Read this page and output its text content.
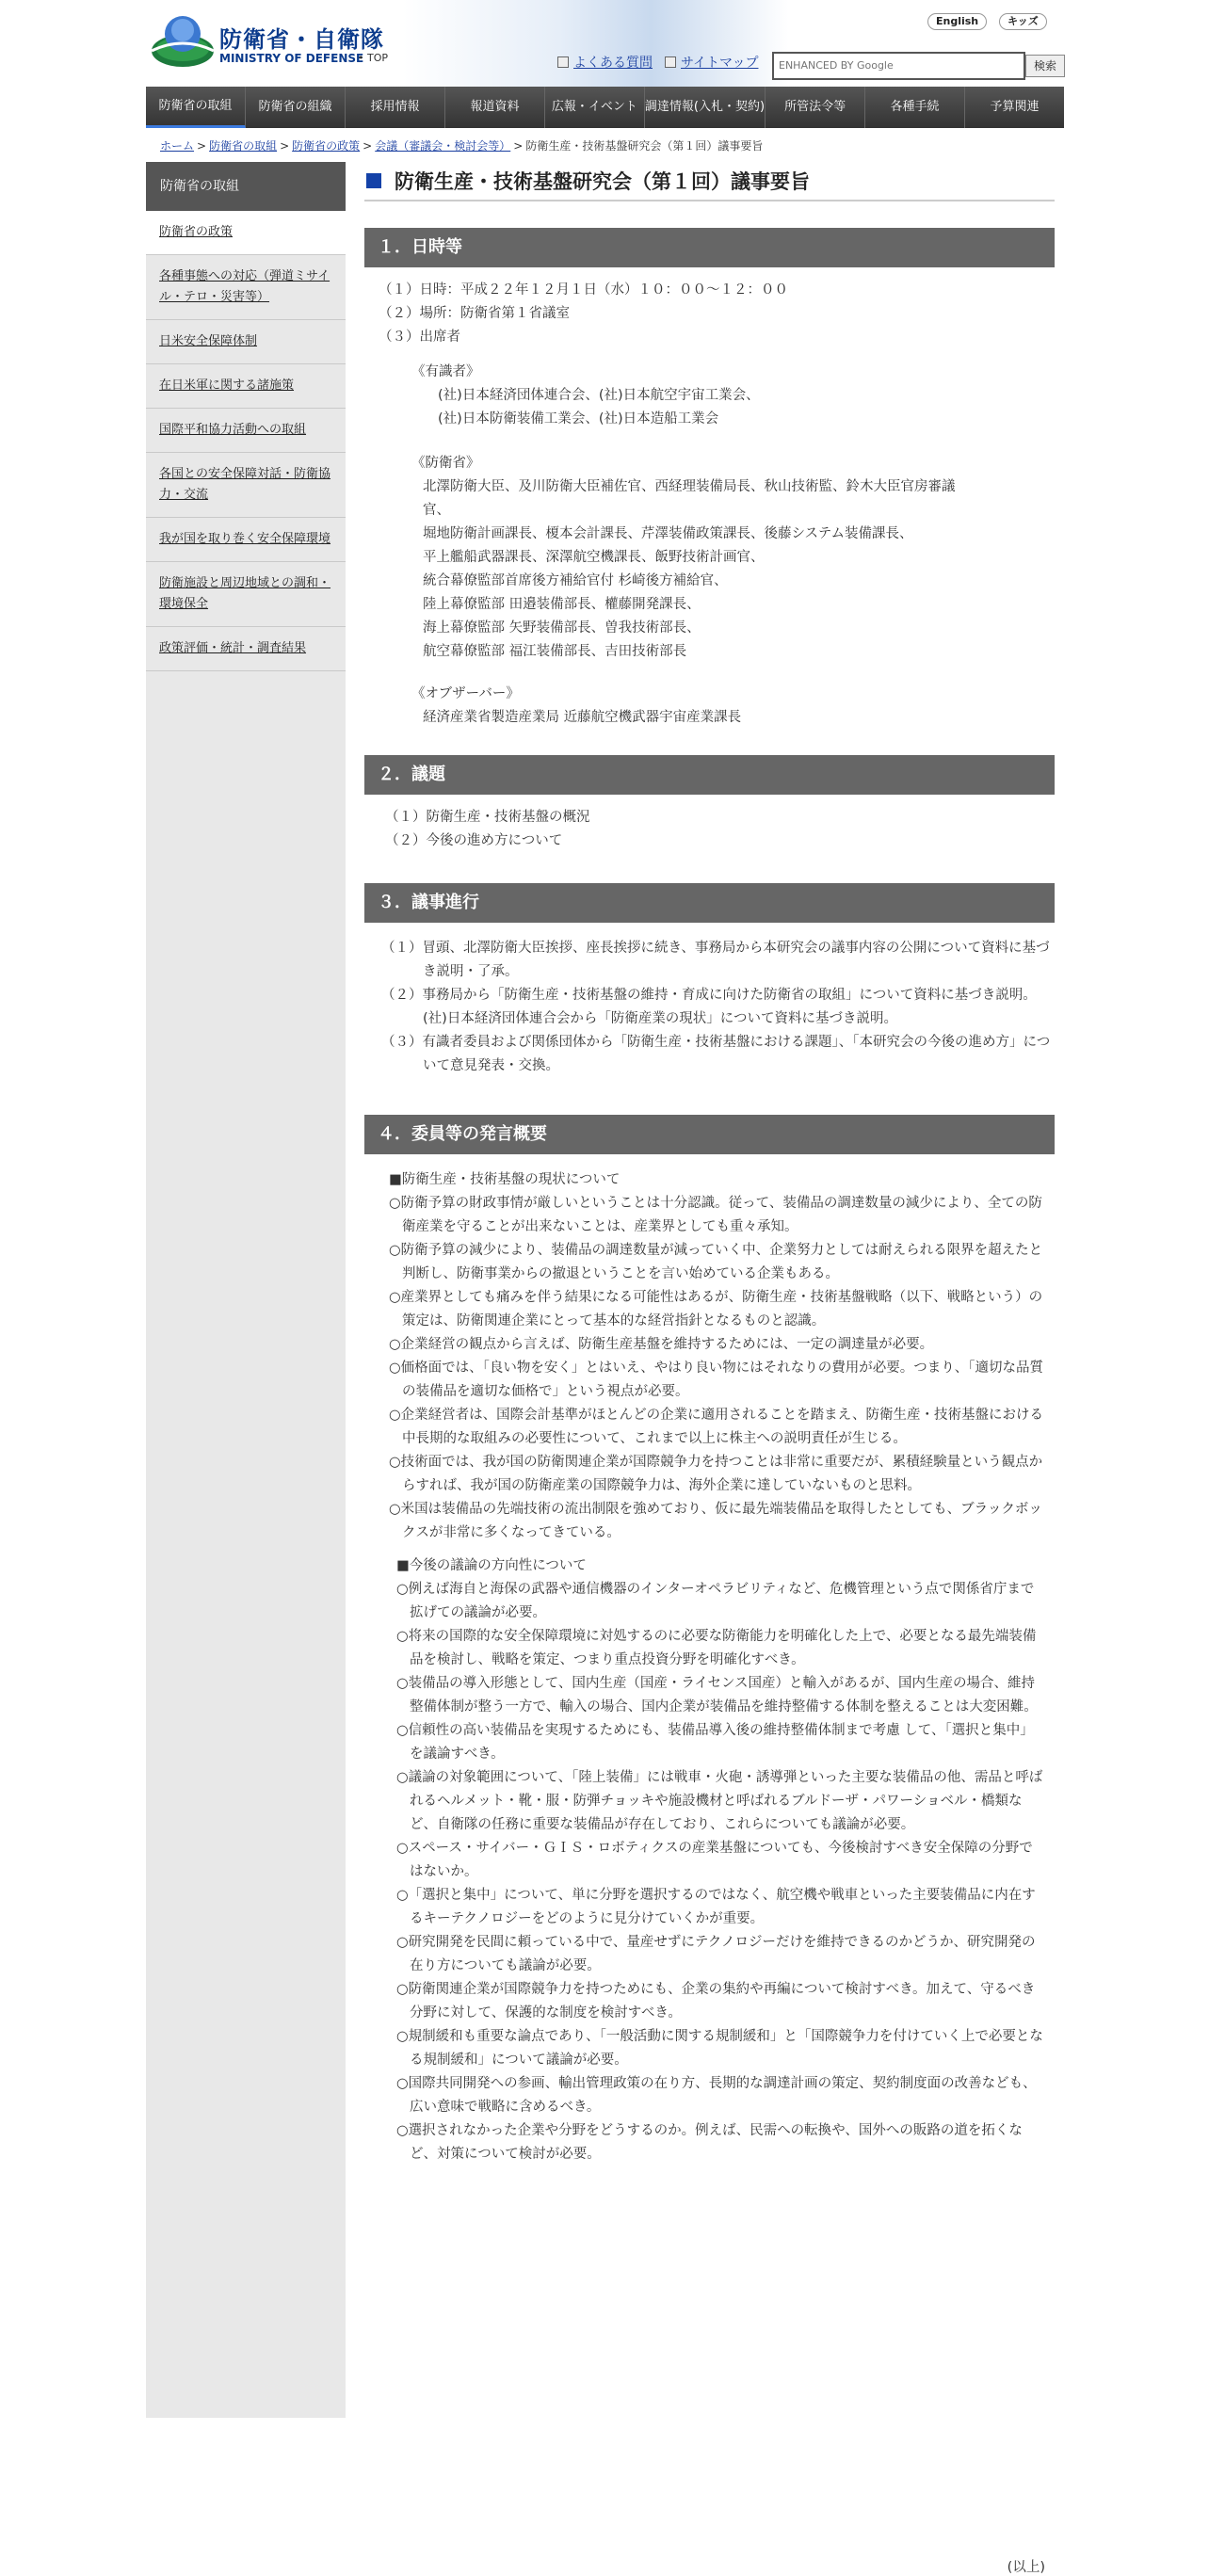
防衛省・自衛隊
MINISTRY OF DEFENSE
• TOP
English	キッズ
よくある質問	サイトマップ
ENHANCED BY Google	検索
防衛省の取組	防衛省の組織	採用情報	報道資料	広報・イベント 調達情報(入札・契約)	所管法令等	各種手続	予算関連
ホーム > 防衛省の取組 > 防衛省の政策 > 会議（審議会・検討会等） > 防衛生産・技術基盤研究会（第１回）議事要旨
防衛省の取組
防衛省の政策
各種事態への対応（弾道ミサイル・テロ・災害等）
日米安全保障体制
在日米軍に関する諸施策
国際平和協力活動への取組
各国との安全保障対話・防衛協力・交流
我が国を取り巻く安全保障環境
防衛施設と周辺地域との調和・環境保全
政策評価・統計・調査結果
防衛生産・技術基盤研究会（第１回）議事要旨
１．日時等

（１）日時：平成２２年１２月１日（水）１０：００～１２：００

（２）場所：防衛省第１省議室

（３）出席者

《有識者》

(社)日本経済団体連合会、(社)日本航空宇宙工業会、

(社)日本防衛装備工業会、(社)日本造船工業会

《防衛省》

北澤防衛大臣、及川防衛大臣補佐官、西経理装備局長、秋山技術監、鈴木大臣官房審議

官、

堀地防衛計画課長、榎本会計課長、芹澤装備政策課長、後藤システム装備課長、

平上艦船武器課長、深澤航空機課長、飯野技術計画官、

統合幕僚監部首席後方補給官付 杉崎後方補給官、

陸上幕僚監部 田邉装備部長、權藤開発課長、

海上幕僚監部 矢野装備部長、曽我技術部長、

航空幕僚監部 福江装備部長、吉田技術部長

《オブザーバー》

経済産業省製造産業局 近藤航空機武器宇宙産業課長

２．議題

（１）防衛生産・技術基盤の概況

（２）今後の進め方について

３．議事進行

（１）冒頭、北澤防衛大臣挨拶、座長挨拶に続き、事務局から本研究会の議事内容の公開について資料に基づき説明・了承。

（２）事務局から「防衛生産・技術基盤の維持・育成に向けた防衛省の取組」について資料に基づき説明。(社)日本経済団体連合会から「防衛産業の現状」について資料に基づき説明。

（３）有識者委員および関係団体から「防衛生産・技術基盤における課題」、「本研究会の今後の進め方」について意見発表・交換。

４．委員等の発言概要

■防衛生産・技術基盤の現状について

○防衛予算の財政事情が厳しいということは十分認識。従って、装備品の調達数量の減少により、全ての防衛産業を守ることが出来ないことは、産業界としても重々承知。

○防衛予算の減少により、装備品の調達数量が減っていく中、企業努力としては耐えられる限界を超えたと判断し、防衛事業からの撤退ということを言い始めている企業もある。

○産業界としても痛みを伴う結果になる可能性はあるが、防衛生産・技術基盤戦略（以下、戦略という）の策定は、防衛関連企業にとって基本的な経営指針となるものと認識。

○企業経営の観点から言えば、防衛生産基盤を維持するためには、一定の調達量が必要。

○価格面では、「良い物を安く」とはいえ、やはり良い物にはそれなりの費用が必要。つまり、「適切な品質の装備品を適切な価格で」という視点が必要。

○企業経営者は、国際会計基準がほとんどの企業に適用されることを踏まえ、防衛生産・技術基盤における中長期的な取組みの必要性について、これまで以上に株主への説明責任が生じる。

○技術面では、我が国の防衛関連企業が国際競争力を持つことは非常に重要だが、累積経験量という観点からすれば、我が国の防衛産業の国際競争力は、海外企業に達していないものと思料。

○米国は装備品の先端技術の流出制限を強めており、仮に最先端装備品を取得したとしても、ブラックボックスが非常に多くなってきている。

■今後の議論の方向性について

○例えば海自と海保の武器や通信機器のインターオペラビリティなど、危機管理という点で関係省庁まで拡げての議論が必要。

○将来の国際的な安全保障環境に対処するのに必要な防衛能力を明確化した上で、必要となる最先端装備品を検討し、戦略を策定、つまり重点投資分野を明確化すべき。

○装備品の導入形態として、国内生産（国産・ライセンス国産）と輸入があるが、国内生産の場合、維持整備体制が整う一方で、輸入の場合、国内企業が装備品を維持整備する体制を整えることは大変困難。

○信頼性の高い装備品を実現するためにも、装備品導入後の維持整備体制まで考慮 して、「選択と集中」を議論すべき。

○議論の対象範囲について、「陸上装備」には戦車・火砲・誘導弾といった主要な装備品の他、需品と呼ばれるヘルメット・靴・服・防弾チョッキや施設機材と呼ばれるブルドーザ・パワーショベル・橋類など、自衛隊の任務に重要な装備品が存在しており、これらについても議論が必要。

○スペース・サイバー・ＧＩＳ・ロボティクスの産業基盤についても、今後検討すべき安全保障の分野ではないか。

○「選択と集中」について、単に分野を選択するのではなく、航空機や戦車といった主要装備品に内在するキーテクノロジーをどのように見分けていくかが重要。

○研究開発を民間に頼っている中で、量産せずにテクノロジーだけを維持できるのかどうか、研究開発の在り方についても議論が必要。

○防衛関連企業が国際競争力を持つためにも、企業の集約や再編について検討すべき。加えて、守るべき分野に対して、保護的な制度を検討すべき。

○規制緩和も重要な論点であり、「一般活動に関する規制緩和」と「国際競争力を付けていく上で必要となる規制緩和」について議論が必要。

○国際共同開発への参画、輸出管理政策の在り方、長期的な調達計画の策定、契約制度面の改善なども、広い意味で戦略に含めるべき。

○選択されなかった企業や分野をどうするのか。例えば、民需への転換や、国外への販路の道を拓くなど、対策について検討が必要。

(以上)
